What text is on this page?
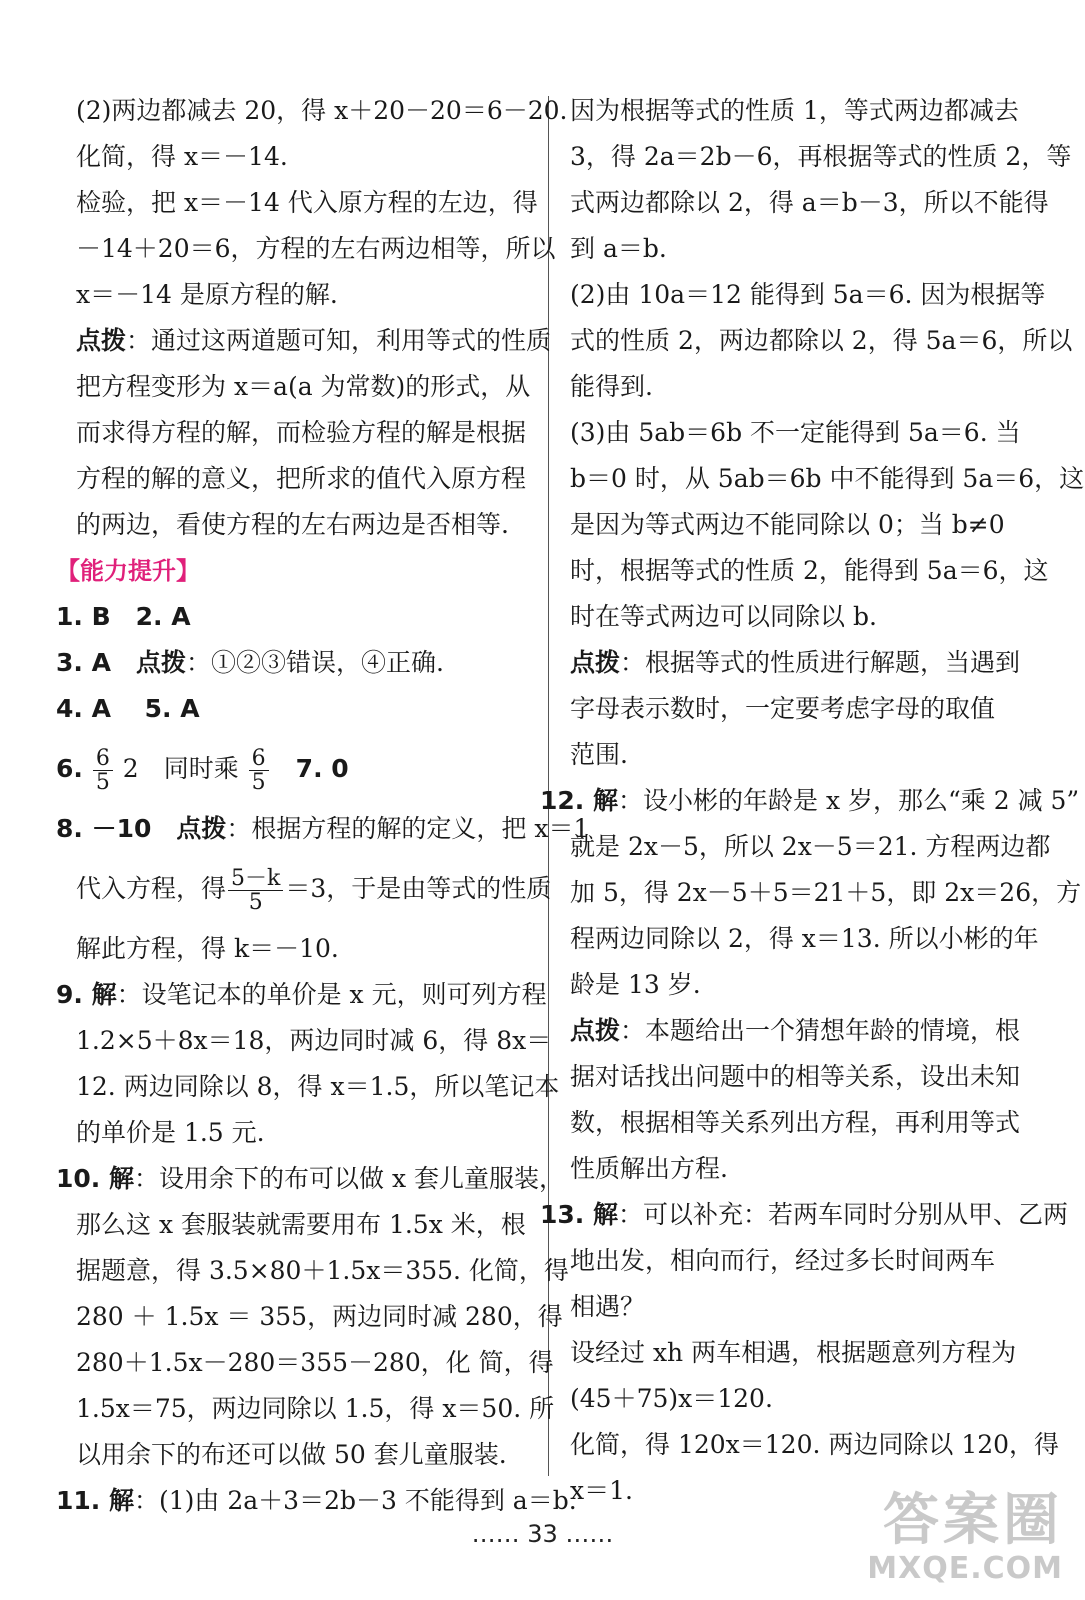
(2)两边都减去 20，得 x＋20－20＝6－20.
化简，得 x＝－14.
检验，把 x＝－14 代入原方程的左边，得
－14＋20＝6，方程的左右两边相等，所以
x＝－14 是原方程的解.
点拨：通过这两道题可知，利用等式的性质
把方程变形为 x＝a(a 为常数)的形式，从
而求得方程的解，而检验方程的解是根据
方程的解的意义，把所求的值代入原方程
的两边，看使方程的左右两边是否相等.
【能力提升】
1. B　2. A
3. A　点拨：①②③错误，④正确.
4. A　 5. A
6. $\frac{6}{5} 2$　同时乘 $\frac{6}{5}$ 　7. 0
8. －10　点拨：根据方程的解的定义，把 x＝1
代入方程，得 $\frac{5-k}{5} =3$，于是由等式的性质
解此方程，得 k＝－10.
9. 解：设笔记本的单价是 x 元，则可列方程
1.2×5＋8x＝18，两边同时减 6，得 8x＝
12. 两边同除以 8，得 x＝1.5，所以笔记本
的单价是 1.5 元.
10. 解：设用余下的布可以做 x 套儿童服装，
那么这 x 套服装就需要用布 1.5x 米，根
据题意，得 3.5×80＋1.5x＝355. 化简，得
280 ＋ 1.5x ＝ 355，两边同时减 280，得
280＋1.5x－280＝355－280，化 简，得
1.5x＝75，两边同除以 1.5，得 x＝50. 所
以用余下的布还可以做 50 套儿童服装.
11. 解：(1)由 2a＋3＝2b－3 不能得到 a＝b.
因为根据等式的性质 1，等式两边都减去
3，得 2a＝2b－6，再根据等式的性质 2，等
式两边都除以 2，得 a＝b－3，所以不能得
到 a＝b.
(2)由 10a＝12 能得到 5a＝6. 因为根据等
式的性质 2，两边都除以 2，得 5a＝6，所以
能得到.
(3)由 5ab＝6b 不一定能得到 5a＝6. 当
b＝0 时，从 5ab＝6b 中不能得到 5a＝6，这
是因为等式两边不能同除以 0；当 b≠0
时，根据等式的性质 2，能得到 5a＝6，这
时在等式两边可以同除以 b.
点拨：根据等式的性质进行解题，当遇到
字母表示数时，一定要考虑字母的取值
范围.
12. 解：设小彬的年龄是 x 岁，那么“乘 2 减 5”
就是 2x－5，所以 2x－5＝21. 方程两边都
加 5，得 2x－5＋5＝21＋5，即 2x＝26，方
程两边同除以 2，得 x＝13. 所以小彬的年
龄是 13 岁.
点拨：本题给出一个猜想年龄的情境，根
据对话找出问题中的相等关系，设出未知
数，根据相等关系列出方程，再利用等式
性质解出方程.
13. 解：可以补充：若两车同时分别从甲、乙两
地出发，相向而行，经过多长时间两车
相遇？
设经过 xh 两车相遇，根据题意列方程为
(45＋75)x＝120.
化简，得 120x＝120. 两边同除以 120，得
x＝1.
…… 33 ……	答案圈
MXQE.COM
